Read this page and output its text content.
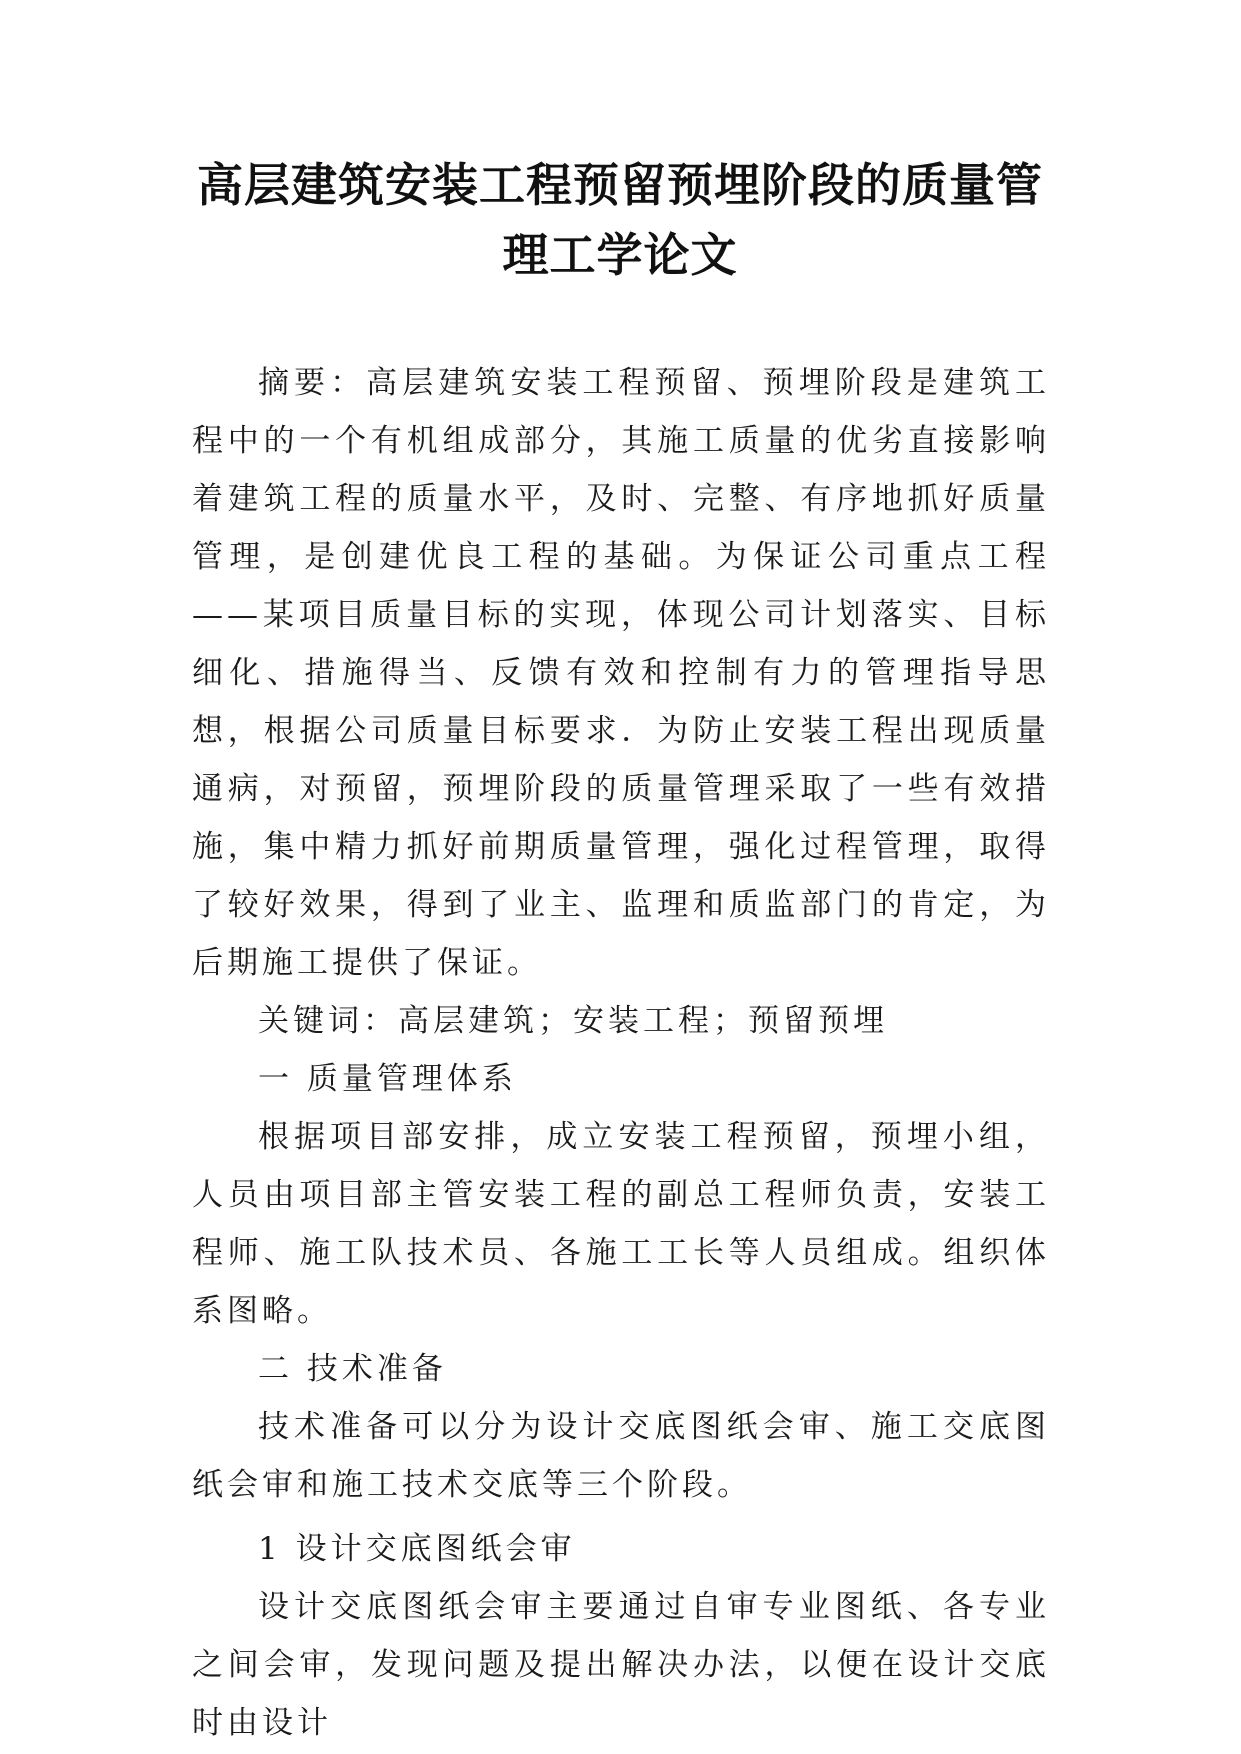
高层建筑安装工程预留预埋阶段的质量管
理工学论文

摘要：高层建筑安装工程预留、预埋阶段是建筑工程中的一个有机组成部分，其施工质量的优劣直接影响着建筑工程的质量水平，及时、完整、有序地抓好质量管理，是创建优良工程的基础。为保证公司重点工程——某项目质量目标的实现，体现公司计划落实、目标细化、措施得当、反馈有效和控制有力的管理指导思想，根据公司质量目标要求．为防止安装工程出现质量通病，对预留，预埋阶段的质量管理采取了一些有效措施，集中精力抓好前期质量管理，强化过程管理，取得了较好效果，得到了业主、监理和质监部门的肯定，为后期施工提供了保证。

关键词：高层建筑；安装工程；预留预埋

一 质量管理体系

根据项目部安排，成立安装工程预留，预埋小组，人员由项目部主管安装工程的副总工程师负责，安装工程师、施工队技术员、各施工工长等人员组成。组织体系图略。

二 技术准备

技术准备可以分为设计交底图纸会审、施工交底图纸会审和施工技术交底等三个阶段。

1 设计交底图纸会审

设计交底图纸会审主要通过自审专业图纸、各专业之间会审，发现问题及提出解决办法，以便在设计交底时由设计
